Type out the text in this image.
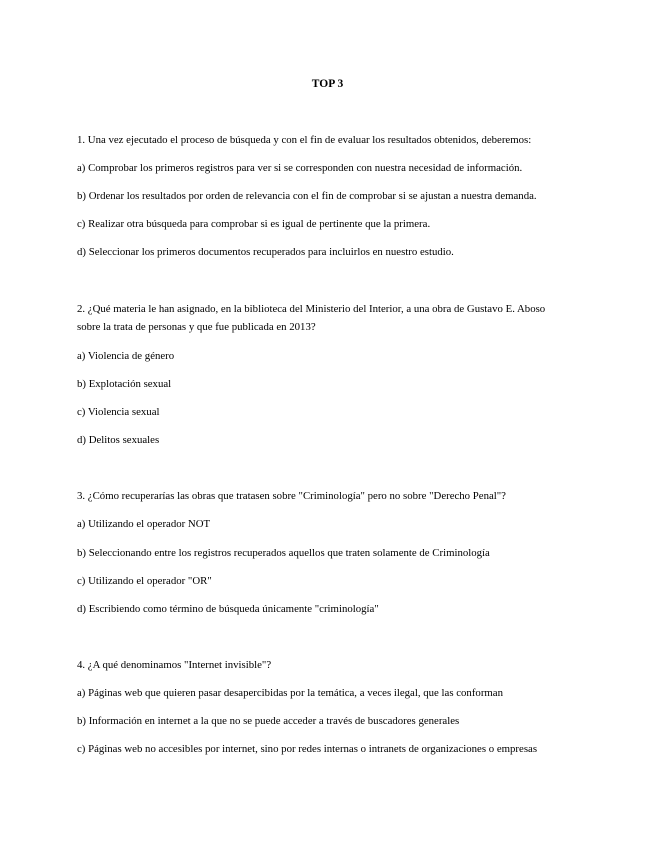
TOP 3
1. Una vez ejecutado el proceso de búsqueda y con el fin de evaluar los resultados obtenidos, deberemos:
a) Comprobar los primeros registros para ver si se corresponden con nuestra necesidad de información.
b) Ordenar los resultados por orden de relevancia con el fin de comprobar si se ajustan a nuestra demanda.
c) Realizar otra búsqueda para comprobar si es igual de pertinente que la primera.
d) Seleccionar los primeros documentos recuperados para incluirlos en nuestro estudio.
2. ¿Qué materia le han asignado, en la biblioteca del Ministerio del Interior, a una obra de Gustavo E. Aboso
sobre la trata de personas y que fue publicada en 2013?
a) Violencia de género
b) Explotación sexual
c) Violencia sexual
d) Delitos sexuales
3. ¿Cómo recuperarías las obras que tratasen sobre "Criminología" pero no sobre "Derecho Penal"?
a) Utilizando el operador NOT
b) Seleccionando entre los registros recuperados aquellos que traten solamente de Criminología
c) Utilizando el operador "OR"
d) Escribiendo como término de búsqueda únicamente "criminología"
4. ¿A qué denominamos "Internet invisible"?
a) Páginas web que quieren pasar desapercibidas por la temática, a veces ilegal, que las conforman
b) Información en internet a la que no se puede acceder a través de buscadores generales
c) Páginas web no accesibles por internet, sino por redes internas o intranets de organizaciones o empresas
